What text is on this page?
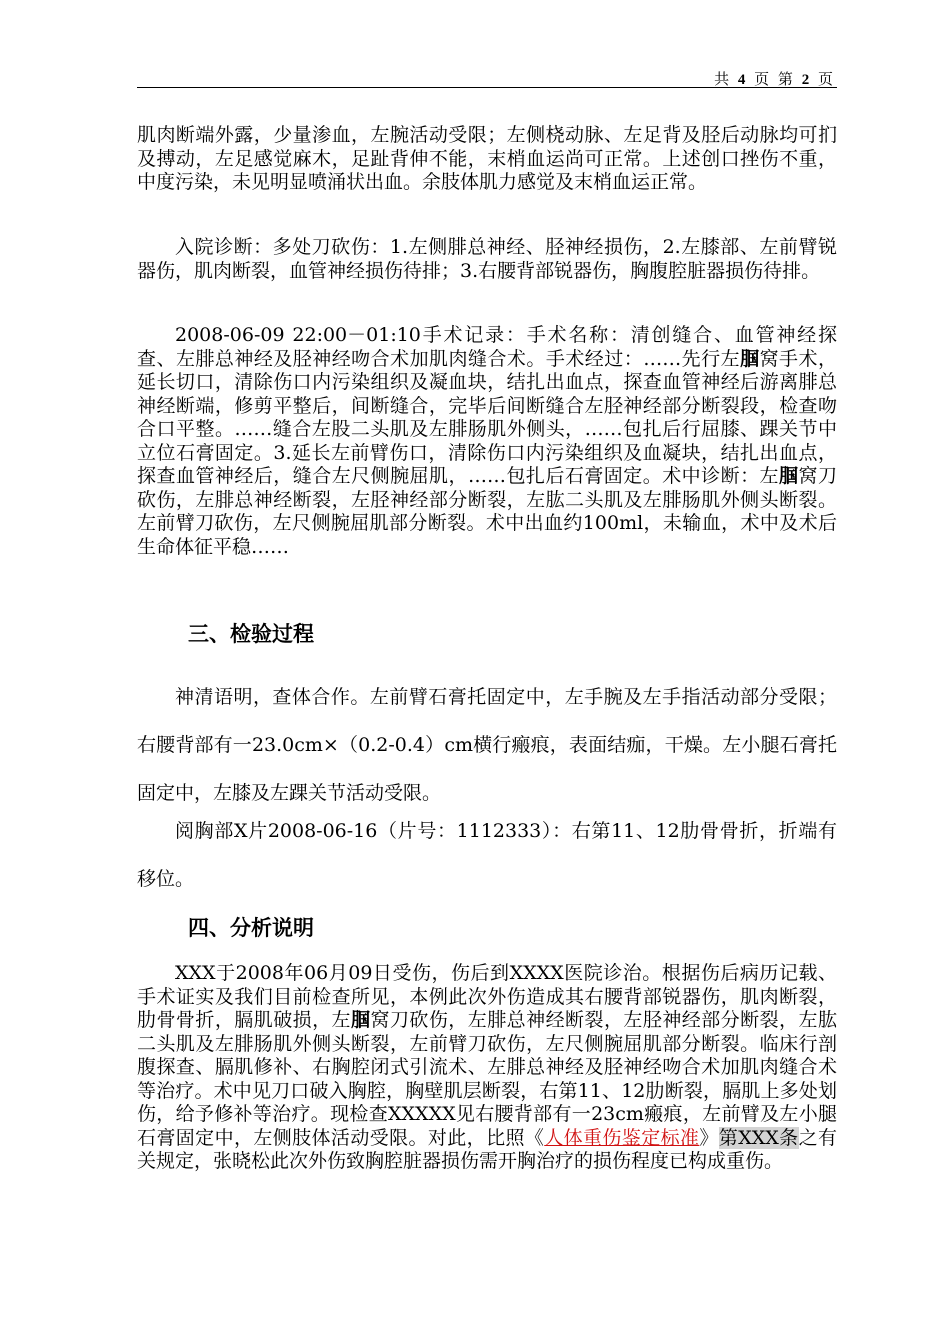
共 4 页 第 2 页

肌肉断端外露，少量渗血，左腕活动受限；左侧桡动脉、左足背及胫后动脉均可扪及搏动，左足感觉麻木，足趾背伸不能，末梢血运尚可正常。上述创口挫伤不重，中度污染，未见明显喷涌状出血。余肢体肌力感觉及末梢血运正常。

入院诊断：多处刀砍伤：1.左侧腓总神经、胫神经损伤，2.左膝部、左前臂锐器伤，肌肉断裂，血管神经损伤待排；3.右腰背部锐器伤，胸腹腔脏器损伤待排。

2008-06-09 22:00－01:10手术记录：手术名称：清创缝合、血管神经探查、左腓总神经及胫神经吻合术加肌肉缝合术。手术经过：……先行左腘窝手术，延长切口，清除伤口内污染组织及凝血块，结扎出血点，探查血管神经后游离腓总神经断端，修剪平整后，间断缝合，完毕后间断缝合左胫神经部分断裂段，检查吻合口平整。……缝合左股二头肌及左腓肠肌外侧头，……包扎后行屈膝、踝关节中立位石膏固定。3.延长左前臂伤口，清除伤口内污染组织及血凝块，结扎出血点，探查血管神经后，缝合左尺侧腕屈肌，……包扎后石膏固定。术中诊断：左腘窝刀砍伤，左腓总神经断裂，左胫神经部分断裂，左肱二头肌及左腓肠肌外侧头断裂。左前臂刀砍伤，左尺侧腕屈肌部分断裂。术中出血约100ml，未输血，术中及术后生命体征平稳……

三、检验过程

神清语明，查体合作。左前臂石膏托固定中，左手腕及左手指活动部分受限；右腰背部有一23.0cm×（0.2-0.4）cm横行瘢痕，表面结痂，干燥。左小腿石膏托固定中，左膝及左踝关节活动受限。

阅胸部X片2008-06-16（片号：1112333）：右第11、12肋骨骨折，折端有移位。

四、分析说明

XXX于2008年06月09日受伤，伤后到XXXX医院诊治。根据伤后病历记载、手术证实及我们目前检查所见，本例此次外伤造成其右腰背部锐器伤，肌肉断裂，肋骨骨折，膈肌破损，左腘窝刀砍伤，左腓总神经断裂，左胫神经部分断裂，左肱二头肌及左腓肠肌外侧头断裂，左前臂刀砍伤，左尺侧腕屈肌部分断裂。临床行剖腹探查、膈肌修补、右胸腔闭式引流术、左腓总神经及胫神经吻合术加肌肉缝合术等治疗。术中见刀口破入胸腔，胸壁肌层断裂，右第11、12肋断裂，膈肌上多处划伤，给予修补等治疗。现检查XXXXX见右腰背部有一23cm瘢痕，左前臂及左小腿石膏固定中，左侧肢体活动受限。对此，比照《人体重伤鉴定标准》第XXX条之有关规定，张晓松此次外伤致胸腔脏器损伤需开胸治疗的损伤程度已构成重伤。
